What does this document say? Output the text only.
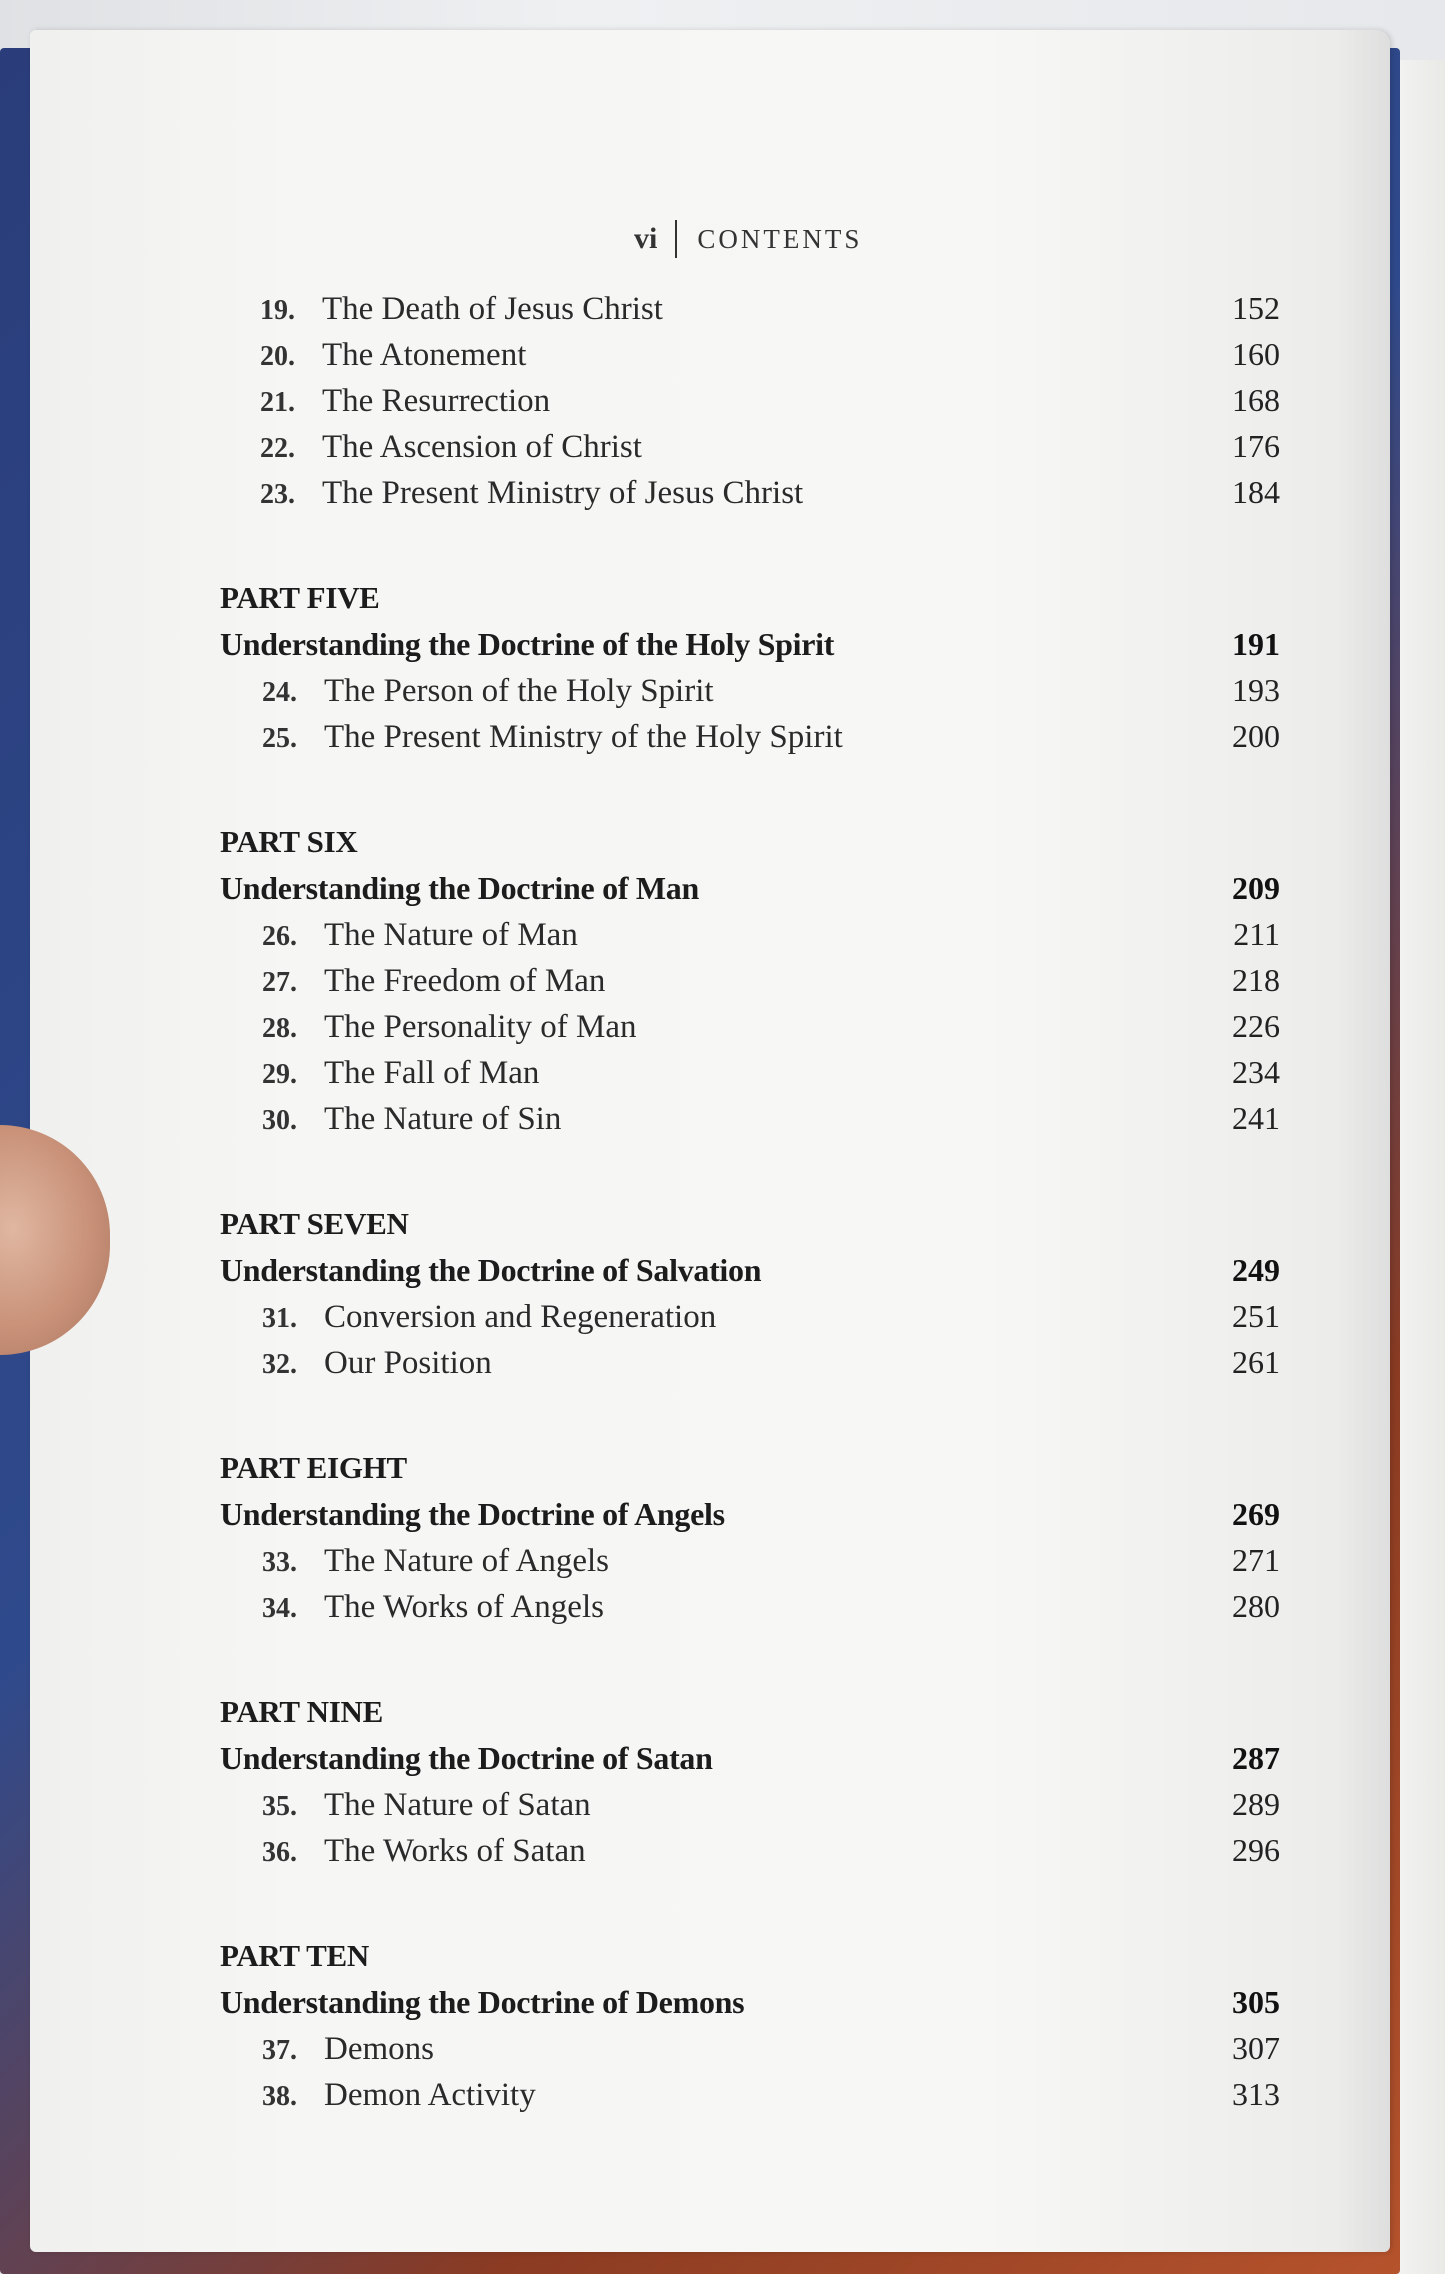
vi CONTENTS
19. The Death of Jesus Christ	152
20. The Atonement	160
21. The Resurrection	168
22. The Ascension of Christ	176
23. The Present Ministry of Jesus Christ	184
PART FIVE
Understanding the Doctrine of the Holy Spirit	191
24. The Person of the Holy Spirit	193
25. The Present Ministry of the Holy Spirit	200
PART SIX
Understanding the Doctrine of Man	209
26. The Nature of Man	211
27. The Freedom of Man	218
28. The Personality of Man	226
29. The Fall of Man	234
30. The Nature of Sin	241
PART SEVEN
Understanding the Doctrine of Salvation	249
31. Conversion and Regeneration	251
32. Our Position	261
PART EIGHT
Understanding the Doctrine of Angels	269
33. The Nature of Angels	271
34. The Works of Angels	280
PART NINE
Understanding the Doctrine of Satan	287
35. The Nature of Satan	289
36. The Works of Satan	296
PART TEN
Understanding the Doctrine of Demons	305
37. Demons	307
38. Demon Activity	313
